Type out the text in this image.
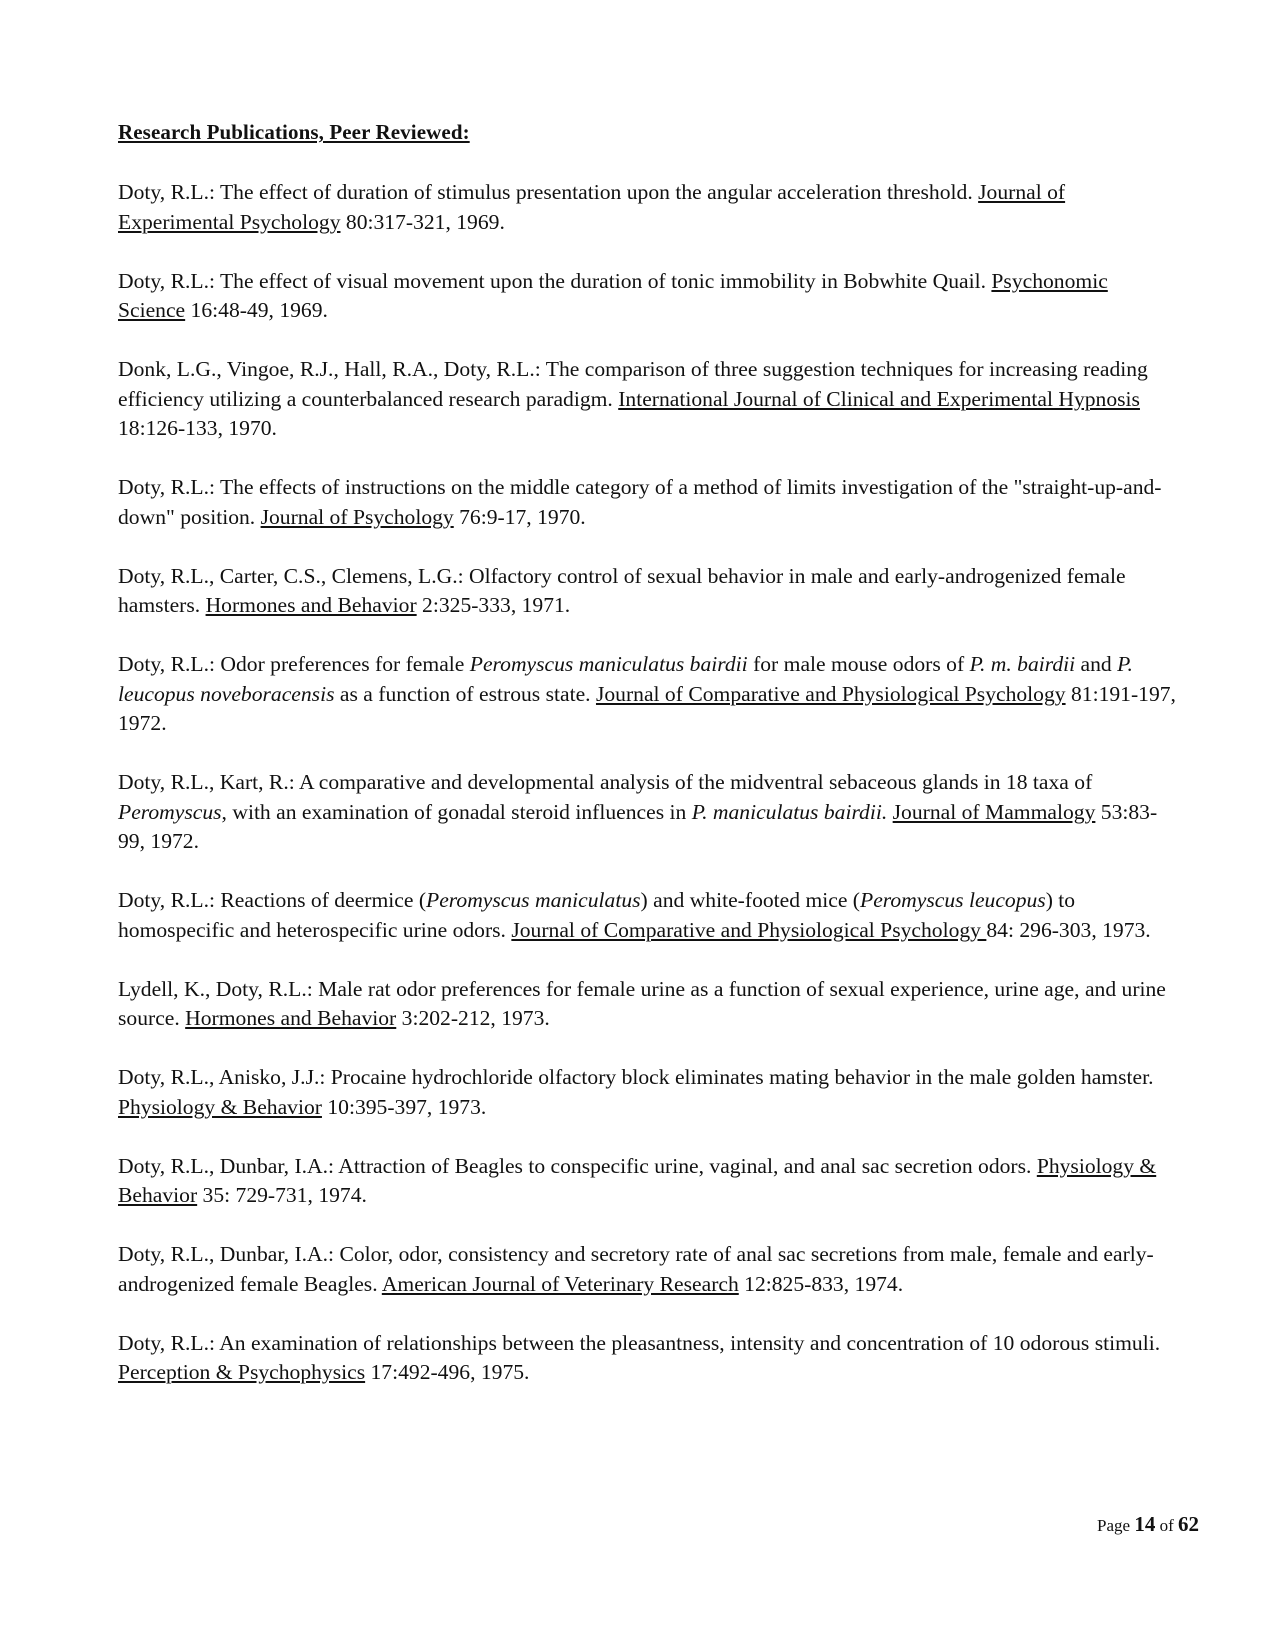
Research Publications, Peer Reviewed:

Doty, R.L.: The effect of duration of stimulus presentation upon the angular acceleration threshold. Journal of Experimental Psychology 80:317-321, 1969.

Doty, R.L.: The effect of visual movement upon the duration of tonic immobility in Bobwhite Quail. Psychonomic Science 16:48-49, 1969.

Donk, L.G., Vingoe, R.J., Hall, R.A., Doty, R.L.: The comparison of three suggestion techniques for increasing reading efficiency utilizing a counterbalanced research paradigm. International Journal of Clinical and Experimental Hypnosis 18:126-133, 1970.

Doty, R.L.: The effects of instructions on the middle category of a method of limits investigation of the "straight-up-and-down" position. Journal of Psychology 76:9-17, 1970.

Doty, R.L., Carter, C.S., Clemens, L.G.: Olfactory control of sexual behavior in male and early-androgenized female hamsters. Hormones and Behavior 2:325-333, 1971.

Doty, R.L.: Odor preferences for female Peromyscus maniculatus bairdii for male mouse odors of P. m. bairdii and P. leucopus noveboracensis as a function of estrous state. Journal of Comparative and Physiological Psychology 81:191-197, 1972.

Doty, R.L., Kart, R.: A comparative and developmental analysis of the midventral sebaceous glands in 18 taxa of Peromyscus, with an examination of gonadal steroid influences in P. maniculatus bairdii. Journal of Mammalogy 53:83-99, 1972.

Doty, R.L.: Reactions of deermice (Peromyscus maniculatus) and white-footed mice (Peromyscus leucopus) to homospecific and heterospecific urine odors. Journal of Comparative and Physiological Psychology 84: 296-303, 1973.

Lydell, K., Doty, R.L.: Male rat odor preferences for female urine as a function of sexual experience, urine age, and urine source. Hormones and Behavior 3:202-212, 1973.

Doty, R.L., Anisko, J.J.: Procaine hydrochloride olfactory block eliminates mating behavior in the male golden hamster. Physiology & Behavior 10:395-397, 1973.

Doty, R.L., Dunbar, I.A.: Attraction of Beagles to conspecific urine, vaginal, and anal sac secretion odors. Physiology & Behavior 35: 729-731, 1974.

Doty, R.L., Dunbar, I.A.: Color, odor, consistency and secretory rate of anal sac secretions from male, female and early-androgenized female Beagles. American Journal of Veterinary Research 12:825-833, 1974.

Doty, R.L.: An examination of relationships between the pleasantness, intensity and concentration of 10 odorous stimuli. Perception & Psychophysics 17:492-496, 1975.

Page 14 of 62
